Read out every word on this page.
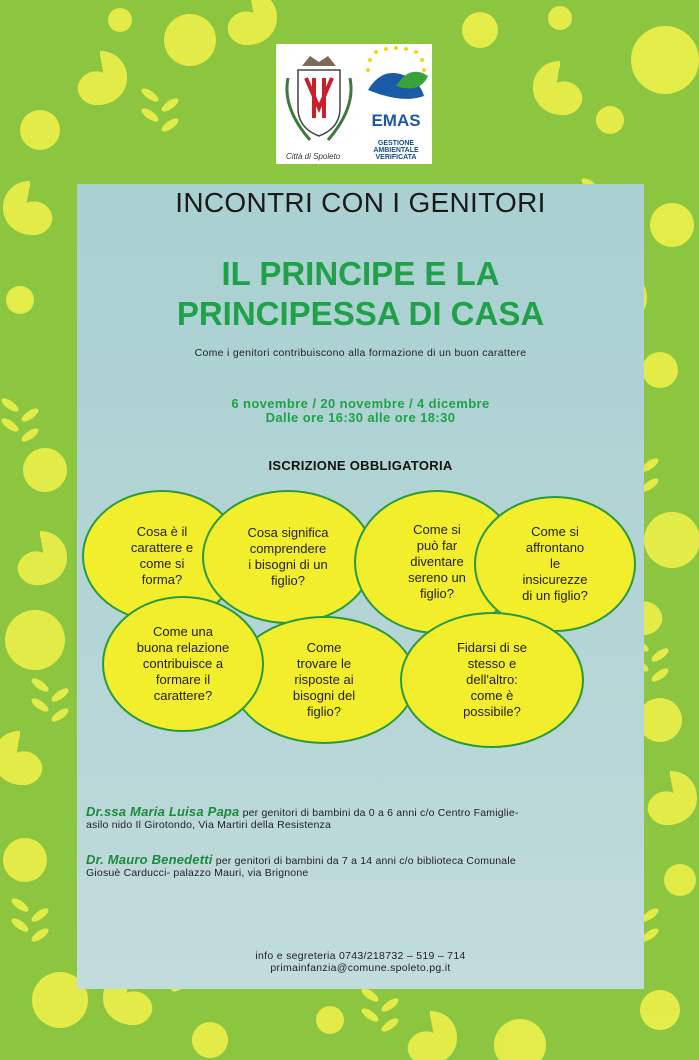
Città di Spoleto
EMAS
GESTIONE AMBIENTALE
VERIFICATA
INCONTRI CON I GENITORI
IL PRINCIPE E LA
PRINCIPESSA DI CASA
Come i genitori contribuiscono alla formazione di un buon carattere
6 novembre / 20 novembre / 4 dicembre
Dalle ore 16:30 alle ore 18:30
ISCRIZIONE OBBLIGATORIA
Cosa è il
carattere e
come si
forma?
Cosa significa
comprendere
i bisogni di un
figlio?
Come si
può far
diventare
sereno un
figlio?
Come si
affrontano
le
insicurezze
di un figlio?
Come
trovare le
risposte ai
bisogni del
figlio?
Come una
buona relazione
contribuisce a
formare il
carattere?
Fidarsi di se
stesso e
dell'altro:
come è
possibile?
Dr.ssa Maria Luisa Papa per genitori di bambini da 0 a 6 anni c/o Centro Famiglie-
asilo nido Il Girotondo, Via Martiri della Resistenza
Dr. Mauro Benedetti per genitori di bambini da 7 a 14 anni c/o biblioteca Comunale
Giosuè Carducci- palazzo Mauri, via Brignone
info e segreteria 0743/218732 – 519 – 714
primainfanzia@comune.spoleto.pg.it
